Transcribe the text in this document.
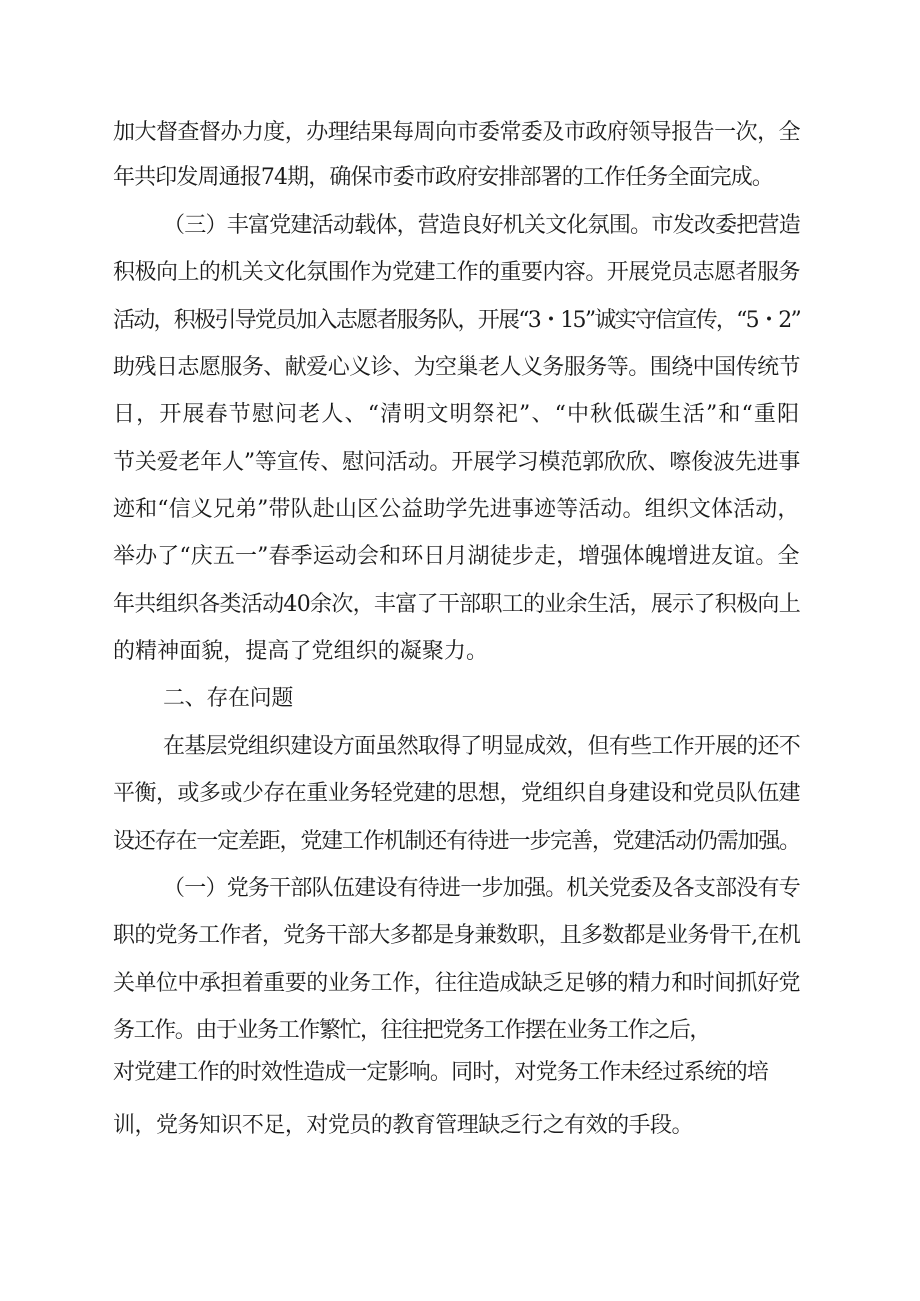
加大督查督办力度，办理结果每周向市委常委及市政府领导报告一次，全
年共印发周通报74期，确保市委市政府安排部署的工作任务全面完成。
（三）丰富党建活动载体，营造良好机关文化氛围。市发改委把营造
积极向上的机关文化氛围作为党建工作的重要内容。开展党员志愿者服务
活动，积极引导党员加入志愿者服务队，开展“3・15”诚实守信宣传，“5・2”
助残日志愿服务、献爱心义诊、为空巢老人义务服务等。围绕中国传统节
日，开展春节慰问老人、“清明文明祭祀”、“中秋低碳生活”和“重阳
节关爱老年人”等宣传、慰问活动。开展学习模范郭欣欣、嚓俊波先进事
迹和“信义兄弟”带队赴山区公益助学先进事迹等活动。组织文体活动，
举办了“庆五一”春季运动会和环日月湖徒步走，增强体魄增进友谊。全
年共组织各类活动40余次，丰富了干部职工的业余生活，展示了积极向上
的精神面貌，提高了党组织的凝聚力。
二、存在问题
在基层党组织建设方面虽然取得了明显成效，但有些工作开展的还不
平衡，或多或少存在重业务轻党建的思想，党组织自身建设和党员队伍建
设还存在一定差距，党建工作机制还有待进一步完善，党建活动仍需加强。
（一）党务干部队伍建设有待进一步加强。机关党委及各支部没有专
职的党务工作者，党务干部大多都是身兼数职，且多数都是业务骨干,在机
关单位中承担着重要的业务工作，往往造成缺乏足够的精力和时间抓好党
务工作。由于业务工作繁忙，往往把党务工作摆在业务工作之后，
对党建工作的时效性造成一定影响。同时，对党务工作未经过系统的培
训，党务知识不足，对党员的教育管理缺乏行之有效的手段。
